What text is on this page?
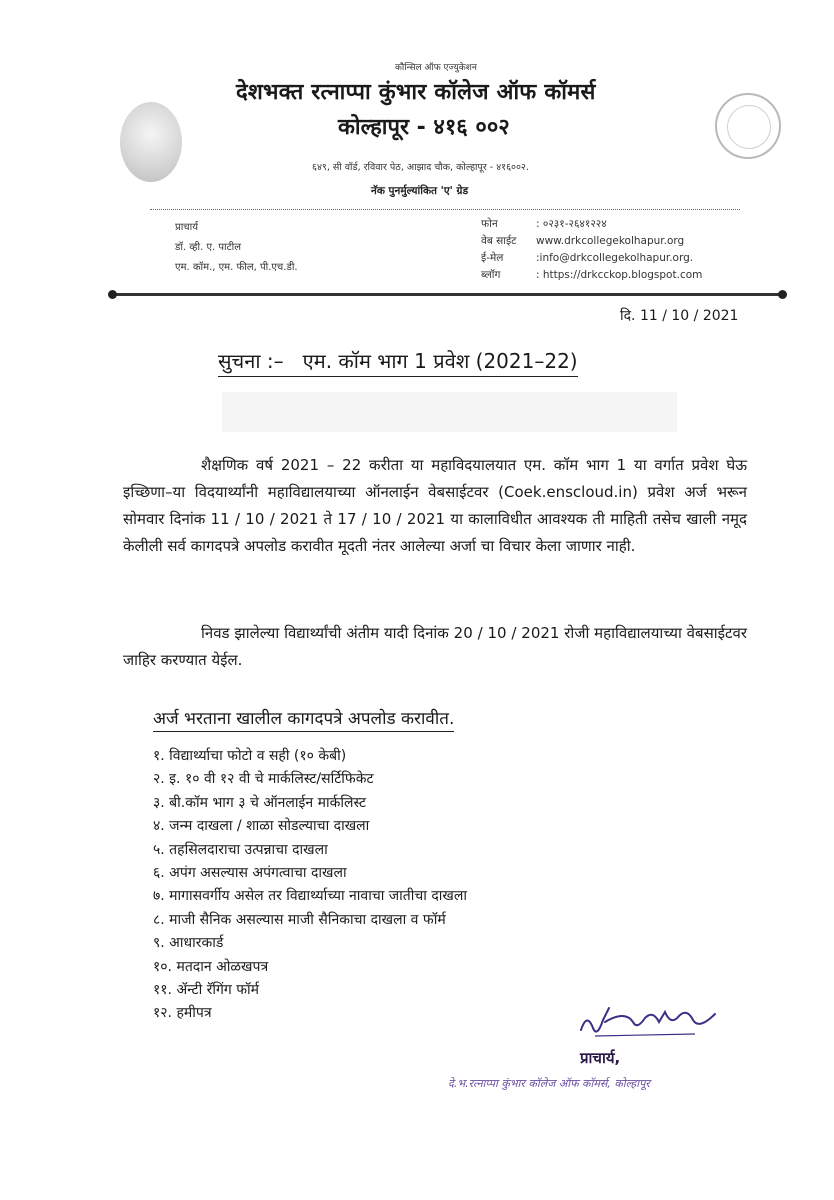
कौन्सिल ऑफ एज्युकेशन
देशभक्त रत्नाप्पा कुंभार कॉलेज ऑफ कॉमर्स
कोल्हापूर - ४१६ ००२
६४९, सी वॉर्ड, रविवार पेठ, आझाद चौक, कोल्हापूर - ४१६००२.
नॅक पुनर्मुल्यांकित 'ए' ग्रेड
प्राचार्य
डॉ. व्ही. ए. पाटील
एम. कॉम., एम. फील, पी.एच.डी.
फोन	: ०२३१-२६४१२२४
वेब साईट www.drkcollegekolhapur.org
ई-मेल	:info@drkcollegekolhapur.org.
ब्लॉग	: https://drkcckop.blogspot.com
दि. 11 / 10 / 2021
सुचना :–   एम. कॉम भाग 1 प्रवेश (2021–22)

शैक्षणिक वर्ष 2021 – 22 करीता या महाविदयालयात एम. कॉम भाग 1 या वर्गात प्रवेश घेऊ इच्छिणा–या विदयार्थ्यांनी महाविद्यालयाच्या ऑनलाईन वेबसाईटवर (Coek.enscloud.in) प्रवेश अर्ज भरून सोमवार दिनांक 11 / 10 / 2021 ते 17 / 10 / 2021 या कालाविधीत आवश्यक ती माहिती तसेच खाली नमूद केलीली सर्व कागदपत्रे अपलोड करावीत मूदती नंतर आलेल्या अर्जा चा विचार केला जाणार नाही.

निवड झालेल्या विद्यार्थ्यांची अंतीम यादी दिनांक 20 / 10 / 2021 रोजी महाविद्यालयाच्या वेबसाईटवर जाहिर करण्यात येईल.

अर्ज भरताना खालील कागदपत्रे अपलोड करावीत.
१. विद्यार्थ्याचा फोटो व सही (१० केबी)
२. इ. १० वी १२ वी चे मार्कलिस्ट/सर्टिफिकेट
३. बी.कॉम भाग ३ चे ऑनलाईन मार्कलिस्ट
४. जन्म दाखला / शाळा सोडल्याचा दाखला
५. तहसिलदाराचा उत्पन्नाचा दाखला
६. अपंग असल्यास अपंगत्वाचा दाखला
७. मागासवर्गीय असेल तर विद्यार्थ्याच्या नावाचा जातीचा दाखला
८. माजी सैनिक असल्यास माजी सैनिकाचा दाखला व फॉर्म
९. आधारकार्ड
१०. मतदान ओळखपत्र
११. ॲन्टी रॅगिंग फॉर्म
१२. हमीपत्र
प्राचार्य,
दे.भ.रत्नाप्पा कुंभार कॉलेज ऑफ कॉमर्स, कोल्हापूर
